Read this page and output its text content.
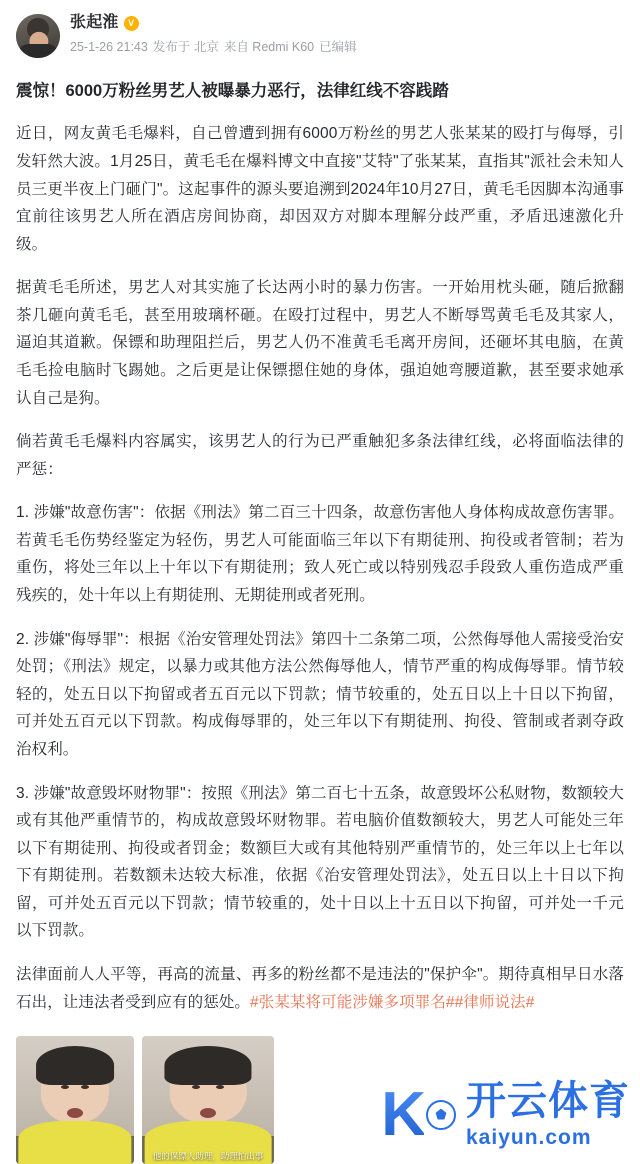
张起淮	V
25-1-26 21:43 发布于 北京 来自 Redmi K60 已编辑
震惊！6000万粉丝男艺人被曝暴力恶行，法律红线不容践踏

近日，网友黄毛毛爆料，自己曾遭到拥有6000万粉丝的男艺人张某某的殴打与侮辱，引发轩然大波。1月25日，黄毛毛在爆料博文中直接"艾特"了张某某，直指其"派社会未知人员三更半夜上门砸门"。这起事件的源头要追溯到2024年10月27日，黄毛毛因脚本沟通事宜前往该男艺人所在酒店房间协商，却因双方对脚本理解分歧严重，矛盾迅速激化升级。

据黄毛毛所述，男艺人对其实施了长达两小时的暴力伤害。一开始用枕头砸，随后掀翻茶几砸向黄毛毛，甚至用玻璃杯砸。在殴打过程中，男艺人不断辱骂黄毛毛及其家人，逼迫其道歉。保镖和助理阻拦后，男艺人仍不准黄毛毛离开房间，还砸坏其电脑，在黄毛毛捡电脑时飞踢她。之后更是让保镖摁住她的身体，强迫她弯腰道歉，甚至要求她承认自己是狗。

倘若黄毛毛爆料内容属实，该男艺人的行为已严重触犯多条法律红线，必将面临法律的严惩：

1. 涉嫌"故意伤害"：依据《刑法》第二百三十四条，故意伤害他人身体构成故意伤害罪。若黄毛毛伤势经鉴定为轻伤，男艺人可能面临三年以下有期徒刑、拘役或者管制；若为重伤，将处三年以上十年以下有期徒刑；致人死亡或以特别残忍手段致人重伤造成严重残疾的，处十年以上有期徒刑、无期徒刑或者死刑。

2. 涉嫌"侮辱罪"：根据《治安管理处罚法》第四十二条第二项，公然侮辱他人需接受治安处罚；《刑法》规定，以暴力或其他方法公然侮辱他人，情节严重的构成侮辱罪。情节较轻的，处五日以下拘留或者五百元以下罚款；情节较重的，处五日以上十日以下拘留，可并处五百元以下罚款。构成侮辱罪的，处三年以下有期徒刑、拘役、管制或者剥夺政治权利。

3. 涉嫌"故意毁坏财物罪"：按照《刑法》第二百七十五条，故意毁坏公私财物，数额较大或有其他严重情节的，构成故意毁坏财物罪。若电脑价值数额较大，男艺人可能处三年以下有期徒刑、拘役或者罚金；数额巨大或有其他特别严重情节的，处三年以上七年以下有期徒刑。若数额未达较大标准，依据《治安管理处罚法》，处五日以上十日以下拘留，可并处五百元以下罚款；情节较重的，处十日以上十五日以下拘留，可并处一千元以下罚款。

法律面前人人平等，再高的流量、再多的粉丝都不是违法的"保护伞"。期待真相早日水落石出，让违法者受到应有的惩处。#张某某将可能涉嫌多项罪名##律师说法#

他的保镖人助理，助理怕出事
K 开云体育
kaiyun.com
